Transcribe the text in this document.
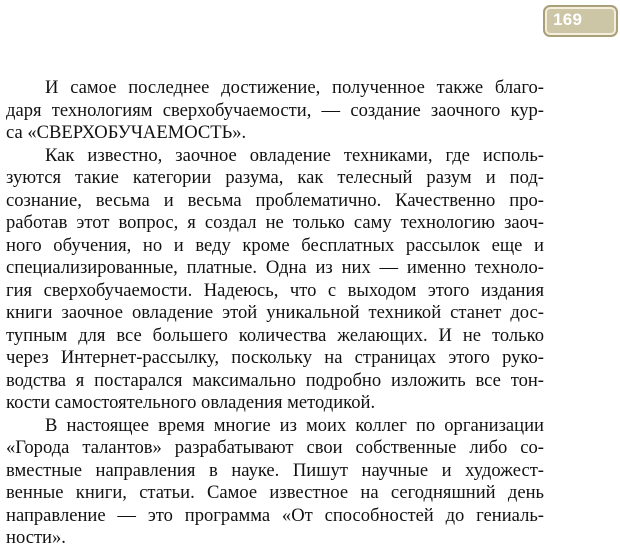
169
И самое последнее достижение, полученное также благо-
даря технологиям сверхобучаемости, — создание заочного кур-
са «СВЕРХОБУЧАЕМОСТЬ».
Как известно, заочное овладение техниками, где исполь-
зуются такие категории разума, как телесный разум и под-
сознание, весьма и весьма проблематично. Качественно про-
работав этот вопрос, я создал не только саму технологию заоч-
ного обучения, но и веду кроме бесплатных рассылок еще и
специализированные, платные. Одна из них — именно техноло-
гия сверхобучаемости. Надеюсь, что с выходом этого издания
книги заочное овладение этой уникальной техникой станет дос-
тупным для все большего количества желающих. И не только
через Интернет-рассылку, поскольку на страницах этого руко-
водства я постарался максимально подробно изложить все тон-
кости самостоятельного овладения методикой.
В настоящее время многие из моих коллег по организации
«Города талантов» разрабатывают свои собственные либо со-
вместные направления в науке. Пишут научные и художест-
венные книги, статьи. Самое известное на сегодняшний день
направление — это программа «От способностей до гениаль-
ности».
